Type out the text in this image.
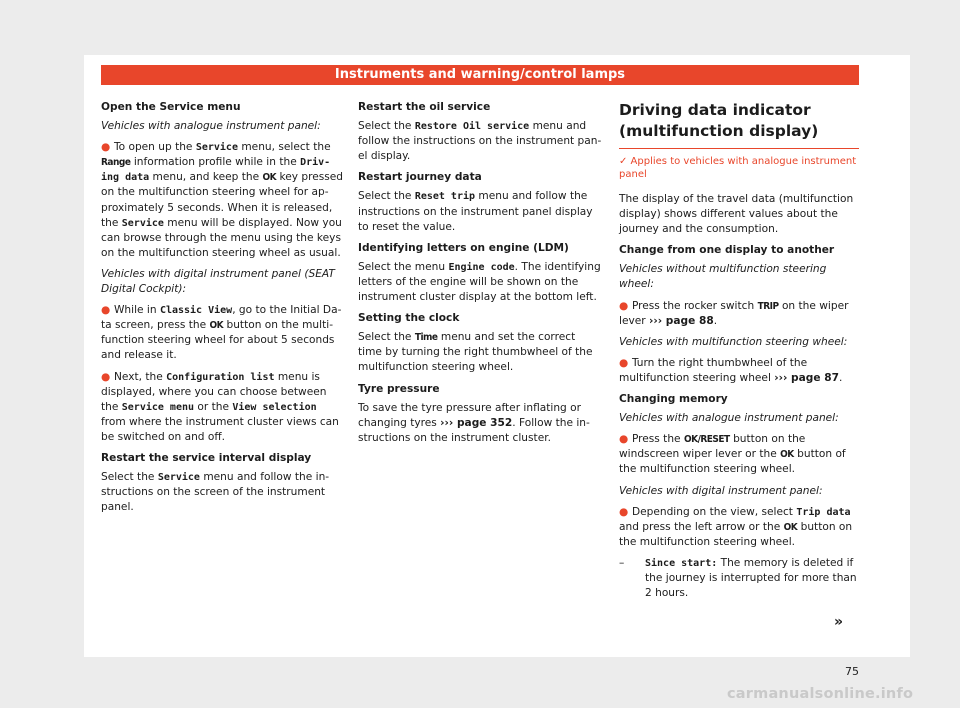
Instruments and warning/control lamps

Open the Service menu

Vehicles with analogue instrument panel:

● To open up the Service menu, select the Range information profile while in the Driv- ing data menu, and keep the OK key pressed on the multifunction steering wheel for approximately 5 seconds. When it is released, the Service menu will be displayed. Now you can browse through the menu using the keys on the multifunction steering wheel as usual.

Vehicles with digital instrument panel (SEAT Digital Cockpit):

● While in Classic View, go to the Initial Data screen, press the OK button on the multifunction steering wheel for about 5 seconds and release it.

● Next, the Configuration list menu is displayed, where you can choose between the Service menu or the View selection from where the instrument cluster views can be switched on and off.

Restart the service interval display

Select the Service menu and follow the instructions on the screen of the instrument panel.

Restart the oil service

Select the Restore Oil service menu and follow the instructions on the instrument panel display.

Restart journey data

Select the Reset trip menu and follow the instructions on the instrument panel display to reset the value.

Identifying letters on engine (LDM)

Select the menu Engine code. The identifying letters of the engine will be shown on the instrument cluster display at the bottom left.

Setting the clock

Select the Time menu and set the correct time by turning the right thumbwheel of the multifunction steering wheel.

Tyre pressure

To save the tyre pressure after inflating or changing tyres ››› page 352. Follow the instructions on the instrument cluster.

Driving data indicator (multifunction display)

✓ Applies to vehicles with analogue instrument panel

The display of the travel data (multifunction display) shows different values about the journey and the consumption.

Change from one display to another

Vehicles without multifunction steering wheel:

● Press the rocker switch TRIP on the wiper lever ››› page 88.

Vehicles with multifunction steering wheel:

● Turn the right thumbwheel of the multifunction steering wheel ››› page 87.

Changing memory

Vehicles with analogue instrument panel:

● Press the OK/RESET button on the windscreen wiper lever or the OK button of the multifunction steering wheel.

Vehicles with digital instrument panel:

● Depending on the view, select Trip data and press the left arrow or the OK button on the multifunction steering wheel.

–	Since start: The memory is deleted if the journey is interrupted for more than 2 hours.
»
75
carmanualsonline.info
